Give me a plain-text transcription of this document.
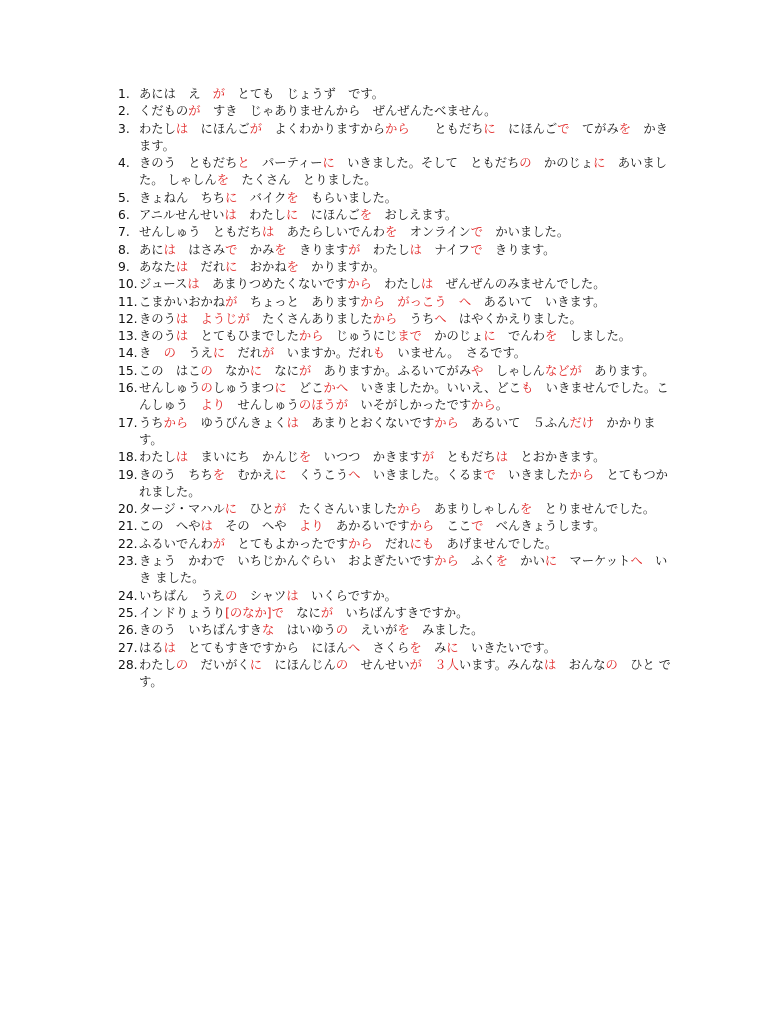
1. あには　え　が　とても　じょうず　です。
2. くだものが　すき　じゃありませんから　ぜんぜんたべません。
3. わたしは　にほんごが　よくわかりますからから　　ともだちに　にほんごで　てがみを　かき ます。
4. きのう　ともだちと　パーティーに　いきました。そして　ともだちの　かのじょに　あいました。 しゃしんを　たくさん　とりました。
5. きょねん　ちちに　バイクを　もらいました。
6. アニルせんせいは　わたしに　にほんごを　おしえます。
7. せんしゅう　ともだちは　あたらしいでんわを　オンラインで　かいました。
8. あには　はさみで　かみを　きりますが　わたしは　ナイフで　きります。
9. あなたは　だれに　おかねを　かりますか。
10. ジュースは　あまりつめたくないですから　わたしは　ぜんぜんのみませんでした。
11. こまかいおかねが　ちょっと　ありますから　 がっこう　 へ　あるいて　いきます。
12. きのうは　 ようじが　たくさんありましたから　うちへ　はやくかえりました。
13. きのうは　とてもひまでしたから　じゅうにじまで　かのじょに　でんわを　しました。
14. き　の　うえに　だれが　いますか。だれも　いません。　さるです。
15. この　はこの　なかに　なにが　ありますか。ふるいてがみや　しゃしんなどが　あります。
16. せんしゅうのしゅうまつに　どこかへ　いきましたか。いいえ、どこも　いきませんでした。こんしゅう　より　せんしゅうのほうが　いそがしかったですから。
17. うちから　ゆうびんきょくは　あまりとおくないですから　あるいて　５ふんだけ　かかります。
18. わたしは　まいにち　かんじを　いつつ　かきますが　ともだちは　とおかきます。
19. きのう　ちちを　むかえに　くうこうへ　いきました。くるまで　いきましたから　とてもつかれました。
20. タージ・マハルに　ひとが　たくさんいましたから　あまりしゃしんを　とりませんでした。
21. この　へやは　その　へや　より　あかるいですから　ここで　べんきょうします。
22. ふるいでんわが　とてもよかったですから　だれにも　あげませんでした。
23. きょう　かわで　いちじかんぐらい　およぎたいですから　ふくを　かいに　マーケットへ　いき ました。
24. いちばん　うえの　シャツは　いくらですか。
25. インドりょうり[のなか]で　なにが　いちばんすきですか。
26. きのう　いちばんすきな　はいゆうの　えいがを　みました。
27. はるは　とてもすきですから　にほんへ　さくらを　みに　いきたいです。
28. わたしの　だいがくに　にほんじんの　せんせいが　 ３人います。みんなは　おんなの　ひと です。
